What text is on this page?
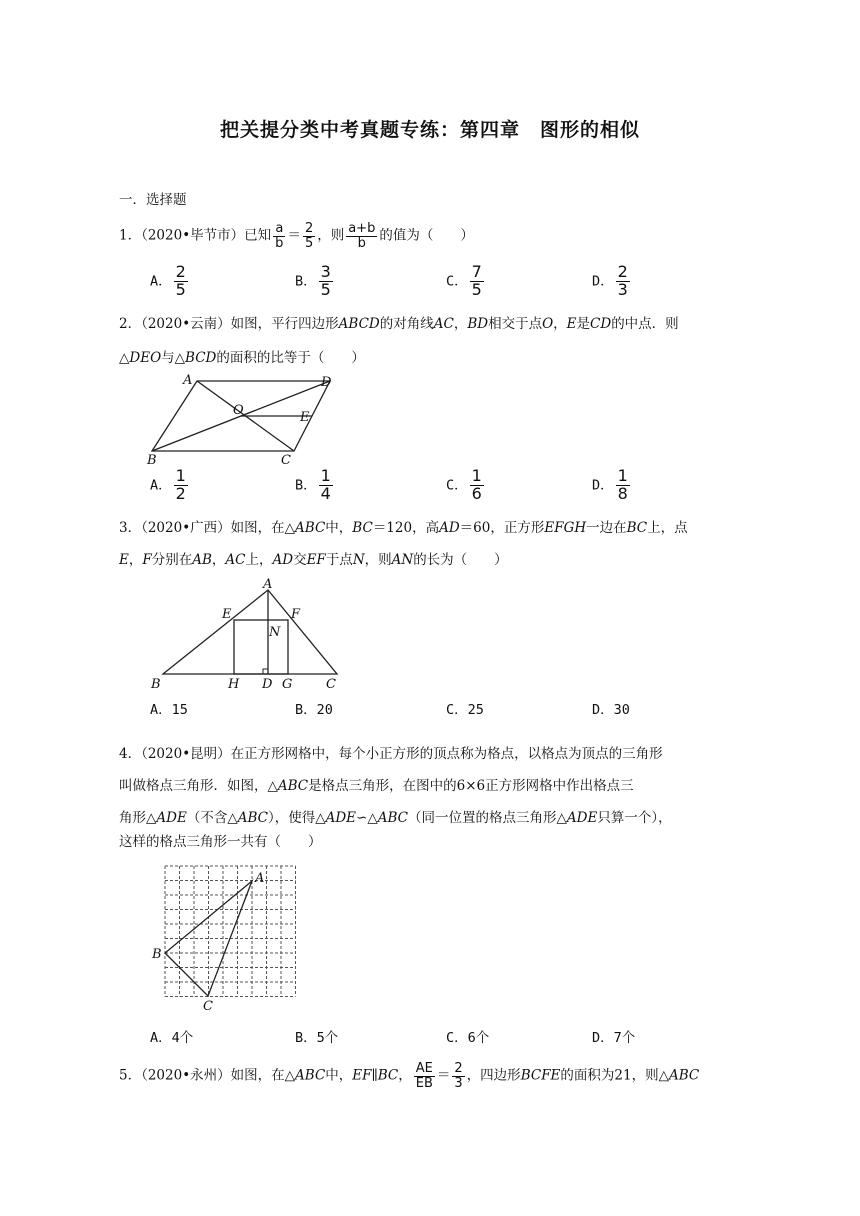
把关提分类中考真题专练：第四章　图形的相似
一．选择题
1．（2020•毕节市）已知 $\frac{a}{b} = \frac{2}{5}$ ，则 $\frac{a+b}{b}$ 的值为（　　）
A． $\frac{2}{5}$	B． $\frac{3}{5}$	C． $\frac{7}{5}$	D． $\frac{2}{3}$
2．（2020•云南）如图，平行四边形ABCD的对角线AC，BD相交于点O，E是CD的中点．则
△DEO与△BCD的面积的比等于（　　）
A	D
O	E
B	C
A． $\frac{1}{2}$	B． $\frac{1}{4}$	C． $\frac{1}{6}$	D． $\frac{1}{8}$
3．（2020•广西）如图，在△ABC中，BC＝120，高AD＝60，正方形EFGH一边在BC上，点
E，F分别在AB，AC上，AD交EF于点N，则AN的长为（　　）
A
E	F
N
B	H D G	C
A．15	B．20	C．25	D．30
4．（2020•昆明）在正方形网格中，每个小正方形的顶点称为格点，以格点为顶点的三角形
叫做格点三角形．如图，△ABC是格点三角形，在图中的6×6正方形网格中作出格点三
角形△ADE（不含△ABC），使得△ADE∽△ABC（同一位置的格点三角形△ADE只算一个），
这样的格点三角形一共有（　　）
A
B
C
A．4个	B．5个	C．6个	D．7个
5．（2020•永州）如图，在△ABC中，EF∥BC， $\frac{AE}{EB} = \frac{2}{3}$ ，四边形BCFE的面积为21，则△ABC
